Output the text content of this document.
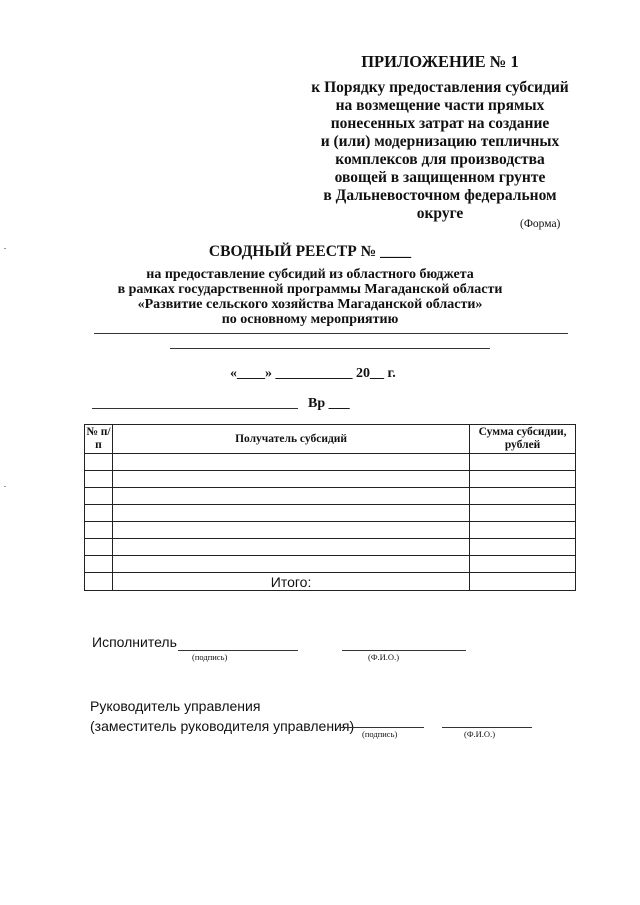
ПРИЛОЖЕНИЕ № 1
к Порядку предоставления субсидий
на возмещение части прямых
понесенных затрат на создание
и (или) модернизацию тепличных
комплексов для производства
овощей в защищенном грунте
в Дальневосточном федеральном
округе
(Форма)
СВОДНЫЙ РЕЕСТР № ____
на предоставление субсидий из областного бюджета
в рамках государственной программы Магаданской области
«Развитие сельского хозяйства Магаданской области»
по основному мероприятию
«____» ___________ 20__ г.
Вр ___
№ п/п	Получатель субсидий	Сумма субсидии, рублей

	Итого:	
Исполнитель
(подпись)	(Ф.И.О.)
Руководитель управления
(заместитель руководителя управления) (подпись)	(Ф.И.О.)
